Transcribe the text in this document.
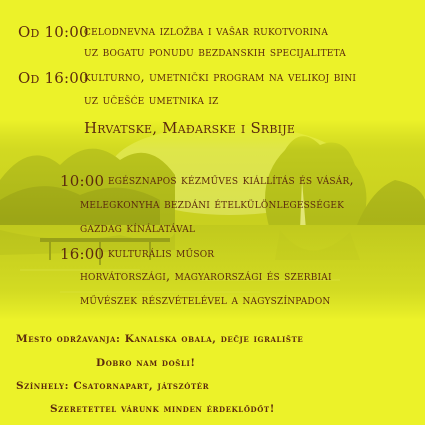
Od 10:00
celodnevna izložba i vašar rukotvorina
uz bogatu ponudu bezdanskih specijaliteta
Od 16:00
kulturno, umetnički program na velikoj bini
uz učešće umetnika iz
Hrvatske, Mađarske i Srbije
10:00 egésznapos kézműves kiállítás és vásár,
melegkonyha bezdáni ételkülönlegességek
gazdag kínálatával
16:00 kulturális műsor
horvátországi, magyarországi és szerbiai
művészek részvételével a nagyszínpadon
Mesto održavanja: Kanalska obala, dečje igralište
Dobro nam došli!
Színhely: Csatornapart, játszótér
Szeretettel várunk minden érdeklődőt!
